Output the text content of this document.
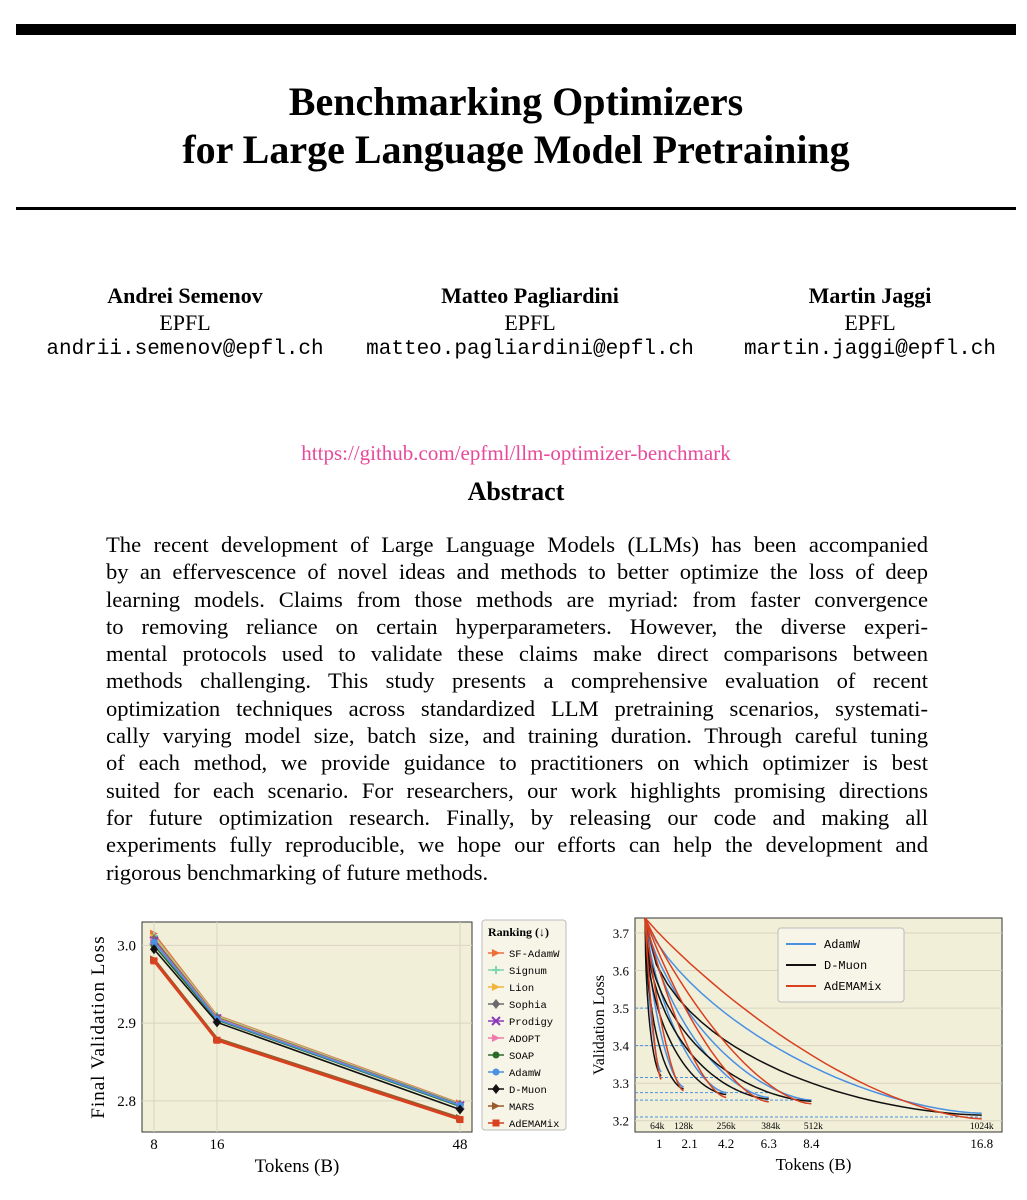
Benchmarking Optimizers
for Large Language Model Pretraining
Andrei Semenov
EPFL
andrii.semenov@epfl.ch
Matteo Pagliardini
EPFL
matteo.pagliardini@epfl.ch
Martin Jaggi
EPFL
martin.jaggi@epfl.ch
https://github.com/epfml/llm-optimizer-benchmark
Abstract
The recent development of Large Language Models (LLMs) has been accompanied
by an effervescence of novel ideas and methods to better optimize the loss of deep
learning models. Claims from those methods are myriad: from faster convergence
to removing reliance on certain hyperparameters. However, the diverse experi-
mental protocols used to validate these claims make direct comparisons between
methods challenging. This study presents a comprehensive evaluation of recent
optimization techniques across standardized LLM pretraining scenarios, systemati-
cally varying model size, batch size, and training duration. Through careful tuning
of each method, we provide guidance to practitioners on which optimizer is best
suited for each scenario. For researchers, our work highlights promising directions
for future optimization research. Finally, by releasing our code and making all
experiments fully reproducible, we hope our efforts can help the development and
rigorous benchmarking of future methods.
2.8
2.9
3.0
8	16	48
Tokens (B)
Final Validation Loss
Ranking (↓)
SF-AdamW
Signum
Lion
Sophia
Prodigy
ADOPT
SOAP
AdamW
D-Muon
MARS
AdEMAMix	64k 128k 256k	384k 512k	1024k
3.2
3.3
3.4
3.5
3.6
3.7
1 2.1 4.2 6.3 8.4	16.8
Tokens (B)
Validation Loss
AdamW
D-Muon
AdEMAMix
